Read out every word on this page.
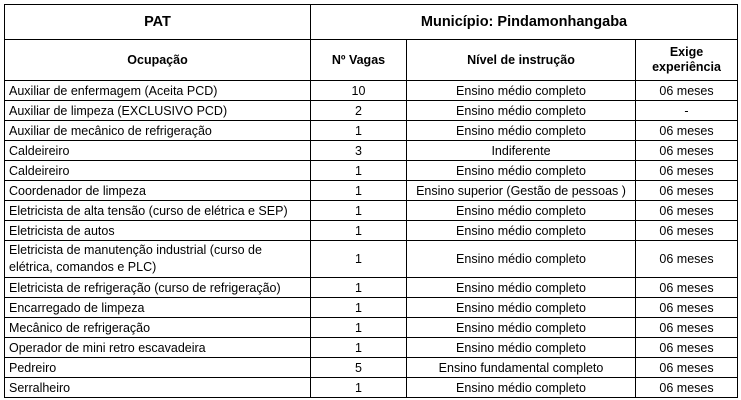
PAT	Município: Pindamonhangaba		
Ocupação	Nº Vagas	Nível de instrução	Exige
experiência
Auxiliar de enfermagem (Aceita PCD)	10	Ensino médio completo	06 meses
Auxiliar de limpeza (EXCLUSIVO PCD)	2	Ensino médio completo	-
Auxiliar de mecânico de refrigeração	1	Ensino médio completo	06 meses
Caldeireiro	3	Indiferente	06 meses
Caldeireiro	1	Ensino médio completo	06 meses
Coordenador de limpeza	1	Ensino superior (Gestão de pessoas )	06 meses
Eletricista de alta tensão (curso de elétrica e SEP)	1	Ensino médio completo	06 meses
Eletricista de autos	1	Ensino médio completo	06 meses
Eletricista de manutenção industrial (curso de elétrica, comandos e PLC)	1	Ensino médio completo	06 meses
Eletricista de refrigeração (curso de refrigeração)	1	Ensino médio completo	06 meses
Encarregado de limpeza	1	Ensino médio completo	06 meses
Mecânico de refrigeração	1	Ensino médio completo	06 meses
Operador de mini retro escavadeira	1	Ensino médio completo	06 meses
Pedreiro	5	Ensino fundamental completo	06 meses
Serralheiro	1	Ensino médio completo	06 meses
